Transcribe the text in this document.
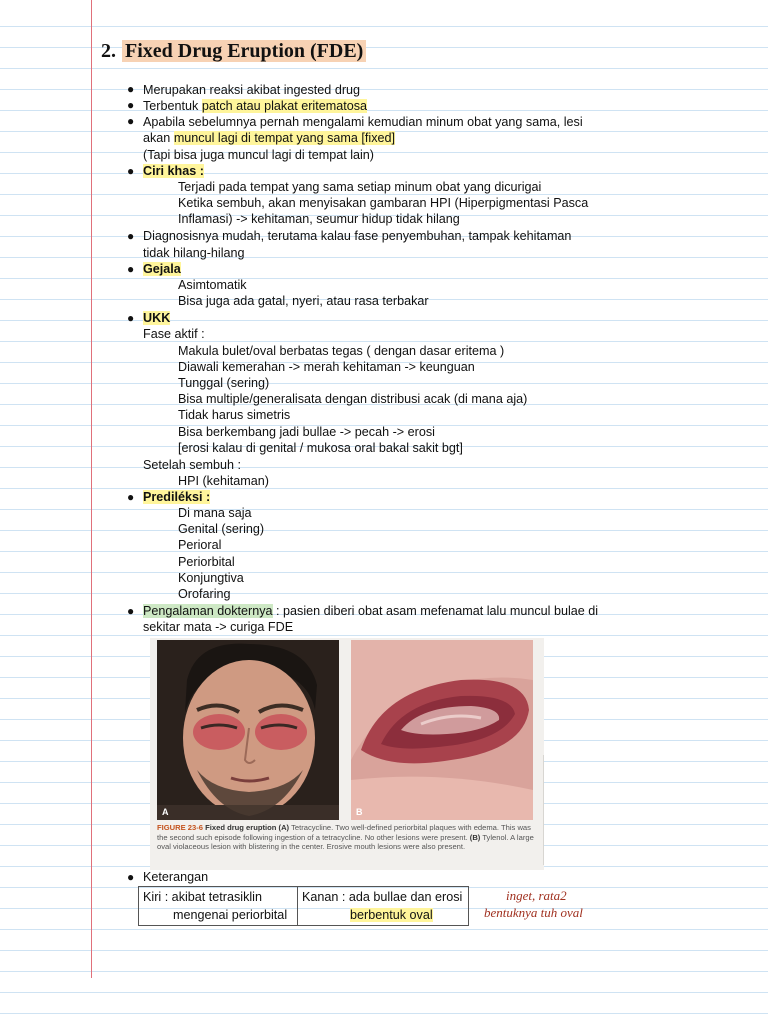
2. Fixed Drug Eruption (FDE)
●
●
●
●
●
●
●
●
●
●
Merupakan reaksi akibat ingested drug
Terbentuk patch atau plakat eritematosa
Apabila sebelumnya pernah mengalami kemudian minum obat yang sama, lesi
akan muncul lagi di tempat yang sama [fixed]
(Tapi bisa juga muncul lagi di tempat lain)
Ciri khas :
Terjadi pada tempat yang sama setiap minum obat yang dicurigai
Ketika sembuh, akan menyisakan gambaran HPI (Hiperpigmentasi Pasca
Inflamasi) -> kehitaman, seumur hidup tidak hilang
Diagnosisnya mudah, terutama kalau fase penyembuhan, tampak kehitaman
tidak hilang-hilang
Gejala
Asimtomatik
Bisa juga ada gatal, nyeri, atau rasa terbakar
UKK
Fase aktif :
Makula bulet/oval berbatas tegas ( dengan dasar eritema )
Diawali kemerahan -> merah kehitaman -> keunguan
Tunggal (sering)
Bisa multiple/generalisata dengan distribusi acak (di mana aja)
Tidak harus simetris
Bisa berkembang jadi bullae -> pecah -> erosi
[erosi kalau di genital / mukosa oral bakal sakit bgt]
Setelah sembuh :
HPI (kehitaman)
Prediléksi :
Di mana saja
Genital (sering)
Perioral
Periorbital
Konjungtiva
Orofaring
Pengalaman dokternya : pasien diberi obat asam mefenamat lalu muncul bulae di
sekitar mata -> curiga FDE
A	B
FIGURE 23-6 Fixed drug eruption (A) Tetracycline. Two well-defined periorbital plaques with edema. This was the second such episode following ingestion of a tetracycline. No other lesions were present. (B) Tylenol. A large oval violaceous lesion with blistering in the center. Erosive mouth lesions were also present.
Keterangan
Kiri : akibat tetrasiklin
mengenai periorbital

Kanan : ada bullae dan erosi
berbentuk oval
inget, rata2
bentuknya tuh oval
